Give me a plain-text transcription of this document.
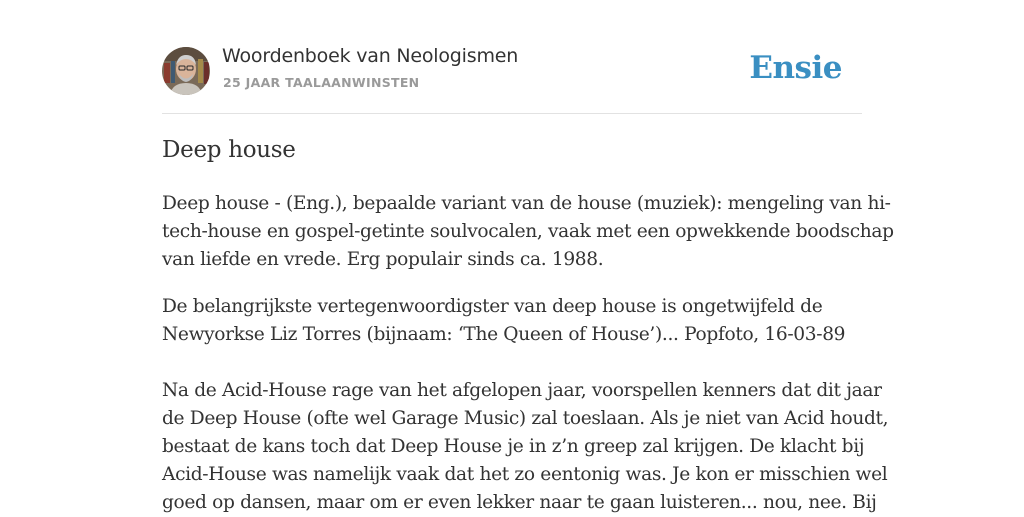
Woordenboek van Neologismen
25 JAAR TAALAANWINSTEN	Ensie
Deep house

Deep house - (Eng.), bepaalde variant van de house (muziek): mengeling van hi-
tech-house en gospel-getinte soulvocalen, vaak met een opwekkende boodschap
van liefde en vrede. Erg populair sinds ca. 1988.

De belangrijkste vertegenwoordigster van deep house is ongetwijfeld de
Newyorkse Liz Torres (bijnaam: ‘The Queen of House’)... Popfoto, 16-03-89

Na de Acid-House rage van het afgelopen jaar, voorspellen kenners dat dit jaar
de Deep House (ofte wel Garage Music) zal toeslaan. Als je niet van Acid houdt,
bestaat de kans toch dat Deep House je in z’n greep zal krijgen. De klacht bij
Acid-House was namelijk vaak dat het zo eentonig was. Je kon er misschien wel
goed op dansen, maar om er even lekker naar te gaan luisteren... nou, nee. Bij
